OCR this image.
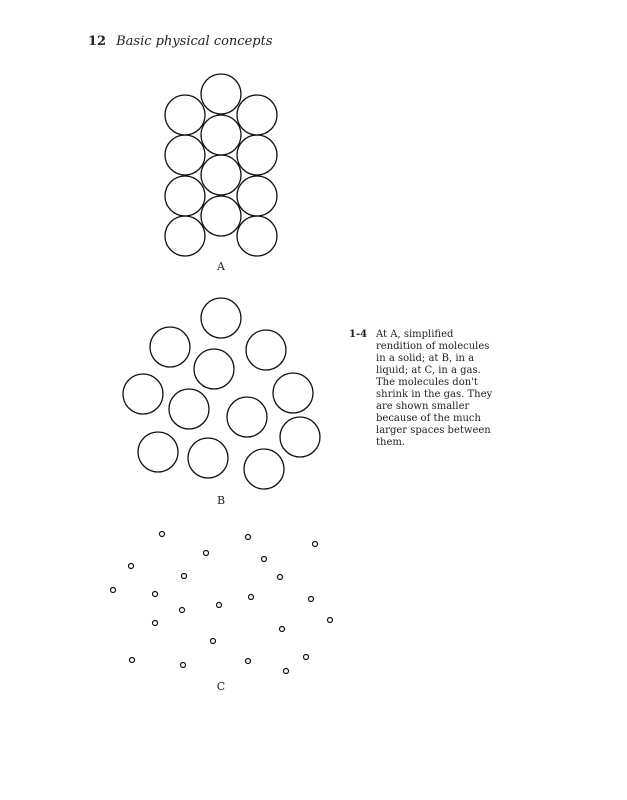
12 Basic physical concepts
A
B
C
1-4 At A, simplified rendition of molecules in a solid; at B, in a liquid; at C, in a gas. The molecules don't shrink in the gas. They are shown smaller because of the much larger spaces between them.
